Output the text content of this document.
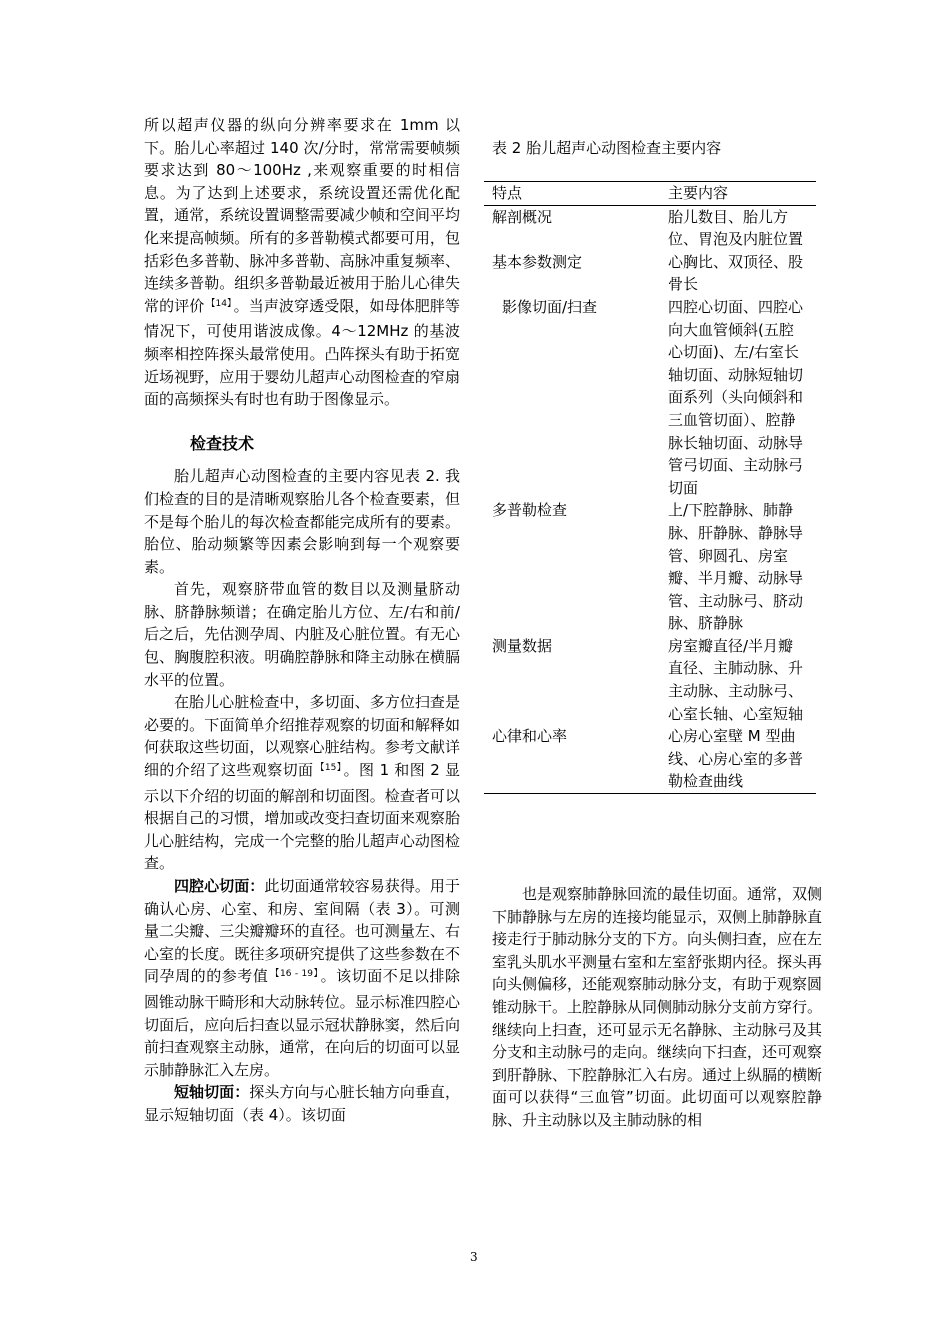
所以超声仪器的纵向分辨率要求在 1mm 以下。胎儿心率超过 140 次/分时，常常需要帧频要求达到 80～100Hz ,来观察重要的时相信息。为了达到上述要求，系统设置还需优化配置，通常，系统设置调整需要减少帧和空间平均化来提高帧频。所有的多普勒模式都要可用，包括彩色多普勒、脉冲多普勒、高脉冲重复频率、连续多普勒。组织多普勒最近被用于胎儿心律失常的评价 $^{【14】}$ 。当声波穿透受限，如母体肥胖等情况下，可使用谐波成像。4～12MHz 的基波频率相控阵探头最常使用。凸阵探头有助于拓宽近场视野，应用于婴幼儿超声心动图检查的窄扇面的高频探头有时也有助于图像显示。

检查技术

胎儿超声心动图检查的主要内容见表 2. 我们检查的目的是清晰观察胎儿各个检查要素，但不是每个胎儿的每次检查都能完成所有的要素。胎位、胎动频繁等因素会影响到每一个观察要素。

首先，观察脐带血管的数目以及测量脐动脉、脐静脉频谱；在确定胎儿方位、左/右和前/后之后，先估测孕周、内脏及心脏位置。有无心包、胸腹腔积液。明确腔静脉和降主动脉在横膈水平的位置。

在胎儿心脏检查中，多切面、多方位扫查是必要的。下面简单介绍推荐观察的切面和解释如何获取这些切面，以观察心脏结构。参考文献详细的介绍了这些观察切面 $^{【15】}$ 。图 1 和图 2 显示以下介绍的切面的解剖和切面图。检查者可以根据自己的习惯，增加或改变扫查切面来观察胎儿心脏结构，完成一个完整的胎儿超声心动图检查。

四腔心切面：此切面通常较容易获得。用于确认心房、心室、和房、室间隔（表 3）。可测量二尖瓣、三尖瓣瓣环的直径。也可测量左、右心室的长度。既往多项研究提供了这些参数在不同孕周的的参考值 $^{【16 - 19】}$ 。该切面不足以排除圆锥动脉干畸形和大动脉转位。显示标准四腔心切面后，应向后扫查以显示冠状静脉窦，然后向前扫查观察主动脉，通常，在向后的切面可以显示肺静脉汇入左房。

短轴切面：探头方向与心脏长轴方向垂直，显示短轴切面（表 4）。该切面

表 2 胎儿超声心动图检查主要内容
特点	主要内容
解剖概况	胎儿数目、胎儿方位、胃泡及内脏位置
基本参数测定	心胸比、双顶径、股骨长
影像切面/扫查	四腔心切面、四腔心向大血管倾斜(五腔心切面)、左/右室长轴切面、动脉短轴切面系列（头向倾斜和三血管切面）、腔静脉长轴切面、动脉导管弓切面、主动脉弓切面
多普勒检查	上/下腔静脉、肺静脉、肝静脉、静脉导管、卵圆孔、房室瓣、半月瓣、动脉导管、主动脉弓、脐动脉、脐静脉
测量数据	房室瓣直径/半月瓣直径、主肺动脉、升主动脉、主动脉弓、心室长轴、心室短轴
心律和心率	心房心室壁 M 型曲线、心房心室的多普勒检查曲线

也是观察肺静脉回流的最佳切面。通常，双侧下肺静脉与左房的连接均能显示，双侧上肺静脉直接走行于肺动脉分支的下方。向头侧扫查，应在左室乳头肌水平测量右室和左室舒张期内径。探头再向头侧偏移，还能观察肺动脉分支，有助于观察圆锥动脉干。上腔静脉从同侧肺动脉分支前方穿行。继续向上扫查，还可显示无名静脉、主动脉弓及其分支和主动脉弓的走向。继续向下扫查，还可观察到肝静脉、下腔静脉汇入右房。通过上纵膈的横断面可以获得“三血管”切面。此切面可以观察腔静脉、升主动脉以及主肺动脉的相

3
